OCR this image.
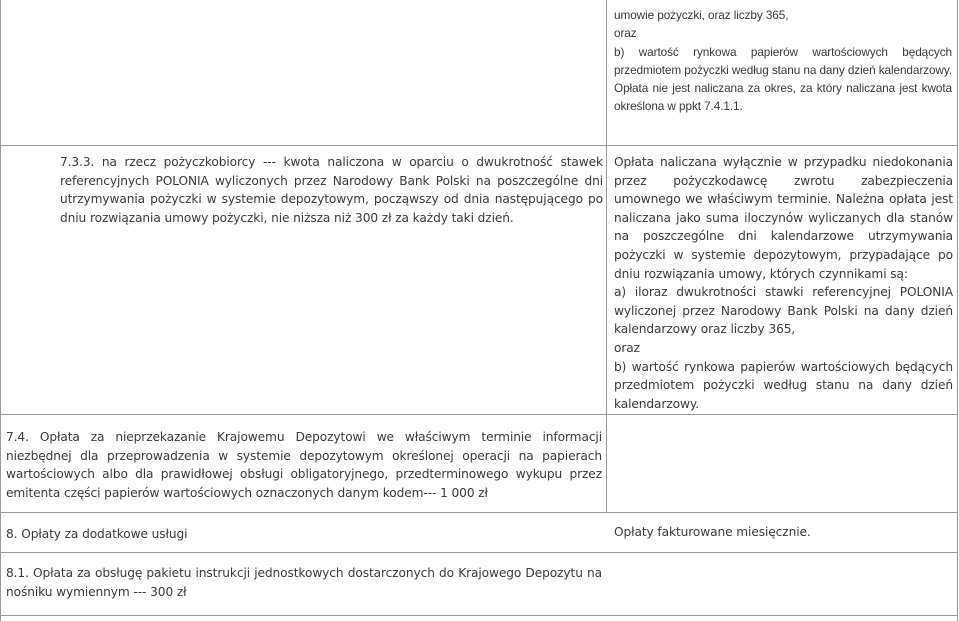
umowie pożyczki, oraz liczby 365,

oraz

b) wartość rynkowa papierów wartościowych będących przedmiotem pożyczki według stanu na dany dzień kalendarzowy.

Opłata nie jest naliczana za okres, za który naliczana jest kwota określona w ppkt 7.4.1.1.

7.3.3. na rzecz pożyczkobiorcy --- kwota naliczona w oparciu o dwukrotność stawek referencyjnych POLONIA wyliczonych przez Narodowy Bank Polski na poszczególne dni utrzymywania pożyczki w systemie depozytowym, począwszy od dnia następującego po dniu rozwiązania umowy pożyczki, nie niższa niż 300 zł za każdy taki dzień.

Opłata naliczana wyłącznie w przypadku niedokonania przez pożyczkodawcę zwrotu zabezpieczenia umownego we właściwym terminie. Należna opłata jest naliczana jako suma iloczynów wyliczanych dla stanów na poszczególne dni kalendarzowe utrzymywania pożyczki w systemie depozytowym, przypadające po dniu rozwiązania umowy, których czynnikami są:

a) iloraz dwukrotności stawki referencyjnej POLONIA wyliczonej przez Narodowy Bank Polski na dany dzień kalendarzowy oraz liczby 365,

oraz

b) wartość rynkowa papierów wartościowych będących przedmiotem pożyczki według stanu na dany dzień kalendarzowy.

7.4. Opłata za nieprzekazanie Krajowemu Depozytowi we właściwym terminie informacji niezbędnej dla przeprowadzenia w systemie depozytowym określonej operacji na papierach wartościowych albo dla prawidłowej obsługi obligatoryjnego, przedterminowego wykupu przez emitenta części papierów wartościowych oznaczonych danym kodem--- 1 000 zł

8. Opłaty za dodatkowe usługi	Opłaty fakturowane miesięcznie.

8.1. Opłata za obsługę pakietu instrukcji jednostkowych dostarczonych do Krajowego Depozytu na nośniku wymiennym --- 300 zł
